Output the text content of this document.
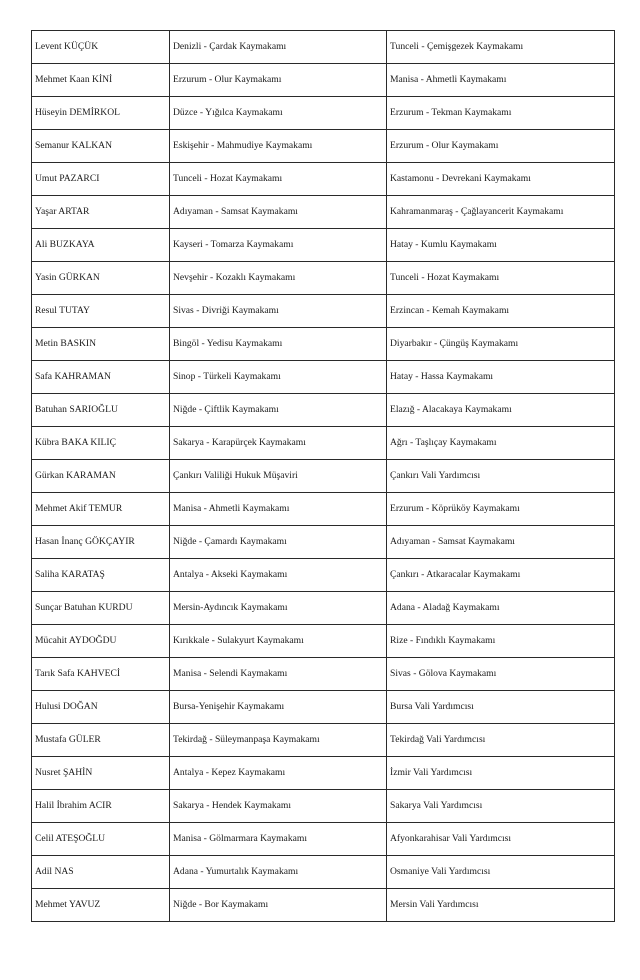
Levent KÜÇÜK	Denizli - Çardak Kaymakamı	Tunceli - Çemişgezek Kaymakamı
Mehmet Kaan KİNİ	Erzurum - Olur Kaymakamı	Manisa - Ahmetli Kaymakamı
Hüseyin DEMİRKOL	Düzce - Yığılca Kaymakamı	Erzurum - Tekman Kaymakamı
Semanur KALKAN	Eskişehir - Mahmudiye Kaymakamı	Erzurum - Olur Kaymakamı
Umut PAZARCI	Tunceli - Hozat Kaymakamı	Kastamonu - Devrekani Kaymakamı
Yaşar ARTAR	Adıyaman - Samsat Kaymakamı	Kahramanmaraş - Çağlayancerit Kaymakamı
Ali BUZKAYA	Kayseri - Tomarza Kaymakamı	Hatay - Kumlu Kaymakamı
Yasin GÜRKAN	Nevşehir - Kozaklı Kaymakamı	Tunceli - Hozat Kaymakamı
Resul TUTAY	Sivas - Divriği Kaymakamı	Erzincan - Kemah Kaymakamı
Metin BASKIN	Bingöl - Yedisu Kaymakamı	Diyarbakır - Çüngüş Kaymakamı
Safa KAHRAMAN	Sinop - Türkeli Kaymakamı	Hatay - Hassa Kaymakamı
Batuhan SARIOĞLU	Niğde - Çiftlik Kaymakamı	Elazığ - Alacakaya Kaymakamı
Kübra BAKA KILIÇ	Sakarya - Karapürçek Kaymakamı	Ağrı - Taşlıçay Kaymakamı
Gürkan KARAMAN	Çankırı Valiliği Hukuk Müşaviri	Çankırı Vali Yardımcısı
Mehmet Akif TEMUR	Manisa - Ahmetli Kaymakamı	Erzurum - Köprüköy Kaymakamı
Hasan İnanç GÖKÇAYIR	Niğde - Çamardı Kaymakamı	Adıyaman - Samsat Kaymakamı
Saliha KARATAŞ	Antalya - Akseki Kaymakamı	Çankırı - Atkaracalar Kaymakamı
Sunçar Batuhan KURDU	Mersin-Aydıncık Kaymakamı	Adana - Aladağ Kaymakamı
Mücahit AYDOĞDU	Kırıkkale - Sulakyurt Kaymakamı	Rize - Fındıklı Kaymakamı
Tarık Safa KAHVECİ	Manisa - Selendi Kaymakamı	Sivas - Gölova Kaymakamı
Hulusi DOĞAN	Bursa-Yenişehir Kaymakamı	Bursa Vali Yardımcısı
Mustafa GÜLER	Tekirdağ - Süleymanpaşa Kaymakamı	Tekirdağ Vali Yardımcısı
Nusret ŞAHİN	Antalya - Kepez Kaymakamı	İzmir Vali Yardımcısı
Halil İbrahim ACIR	Sakarya - Hendek Kaymakamı	Sakarya Vali Yardımcısı
Celil ATEŞOĞLU	Manisa - Gölmarmara Kaymakamı	Afyonkarahisar Vali Yardımcısı
Adil NAS	Adana - Yumurtalık Kaymakamı	Osmaniye Vali Yardımcısı
Mehmet YAVUZ	Niğde - Bor Kaymakamı	Mersin Vali Yardımcısı
